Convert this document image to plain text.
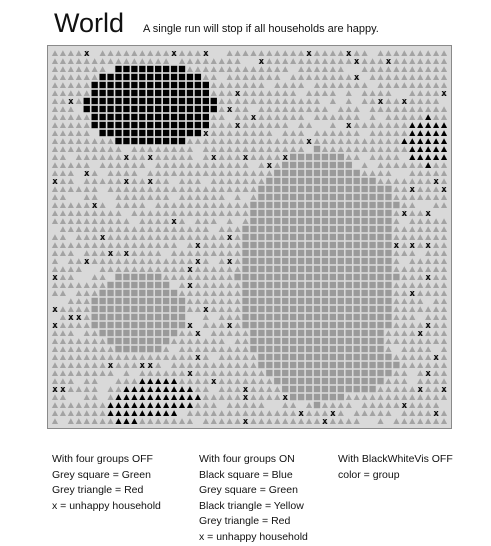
World A single run will stop if all households are happy.
x	x	x	x	x
x	x	x
x
x	x
x	x x
x
x
x	x
x
x
x x	x	x	x
x
x
x	x x	x
x	x
x
x x
x
x	x
x	x x x
x x
x	x	x
x
x	x
x
x
x	x
x x
x	x	x	x
x	x
x	x
x	x x
x	x
x
x x	x	x x
x	x
x
x	x	x
x	x
With four groups OFF
Grey square = Green
Grey triangle = Red
x = unhappy household
With four groups ON
Black square = Blue
Grey square = Green
Black triangle = Yellow
Grey triangle = Red
x = unhappy household
With BlackWhiteVis OFF
color = group
